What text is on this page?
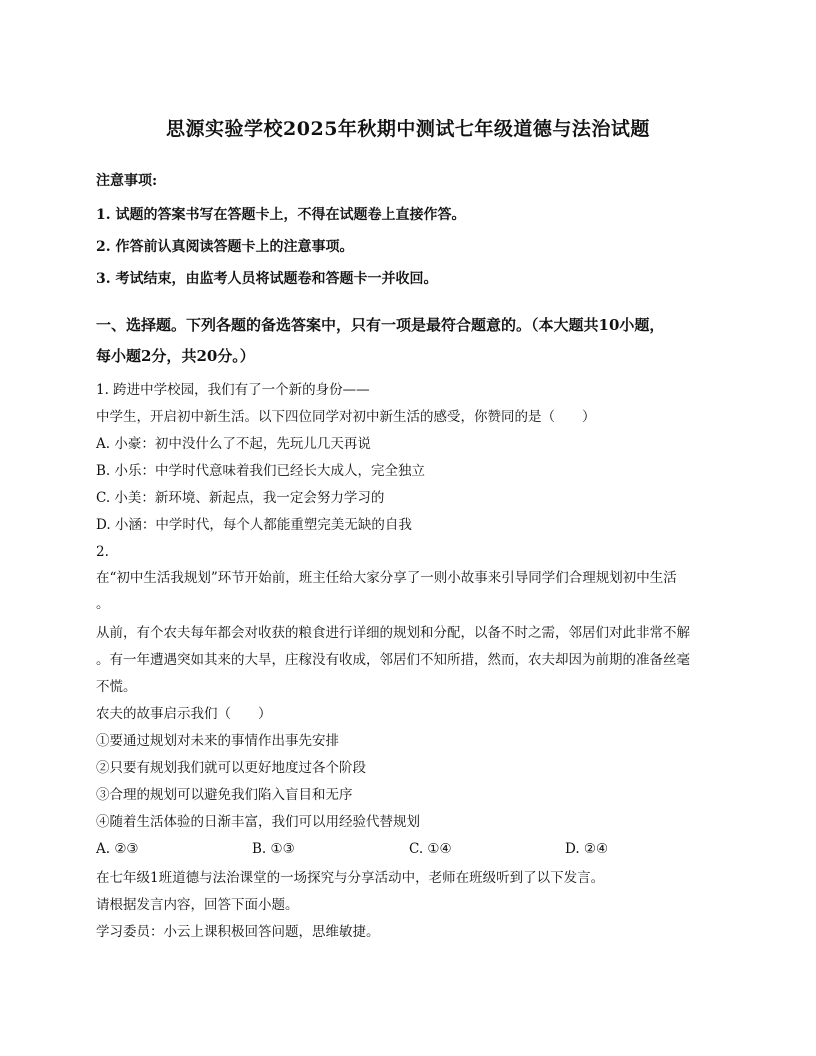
思源实验学校2025年秋期中测试七年级道德与法治试题
注意事项:
1. 试题的答案书写在答题卡上，不得在试题卷上直接作答。
2. 作答前认真阅读答题卡上的注意事项。
3. 考试结束，由监考人员将试题卷和答题卡一并收回。
一、选择题。下列各题的备选答案中，只有一项是最符合题意的。（本大题共10小题，
每小题2分，共20分。）
1. 跨进中学校园，我们有了一个新的身份——
中学生，开启初中新生活。以下四位同学对初中新生活的感受，你赞同的是（　　）
A. 小豪：初中没什么了不起，先玩儿几天再说
B. 小乐：中学时代意味着我们已经长大成人，完全独立
C. 小美：新环境、新起点，我一定会努力学习的
D. 小涵：中学时代，每个人都能重塑完美无缺的自我
2.
在“初中生活我规划”环节开始前，班主任给大家分享了一则小故事来引导同学们合理规划初中生活
。
从前，有个农夫每年都会对收获的粮食进行详细的规划和分配，以备不时之需，邻居们对此非常不解
。有一年遭遇突如其来的大旱，庄稼没有收成，邻居们不知所措，然而，农夫却因为前期的准备丝毫
不慌。
农夫的故事启示我们（　　）
①要通过规划对未来的事情作出事先安排
②只要有规划我们就可以更好地度过各个阶段
③合理的规划可以避免我们陷入盲目和无序
④随着生活体验的日渐丰富，我们可以用经验代替规划
A. ②③	B. ①③	C. ①④	D. ②④
在七年级1班道德与法治课堂的一场探究与分享活动中，老师在班级听到了以下发言。
请根据发言内容，回答下面小题。
学习委员：小云上课积极回答问题，思维敏捷。
